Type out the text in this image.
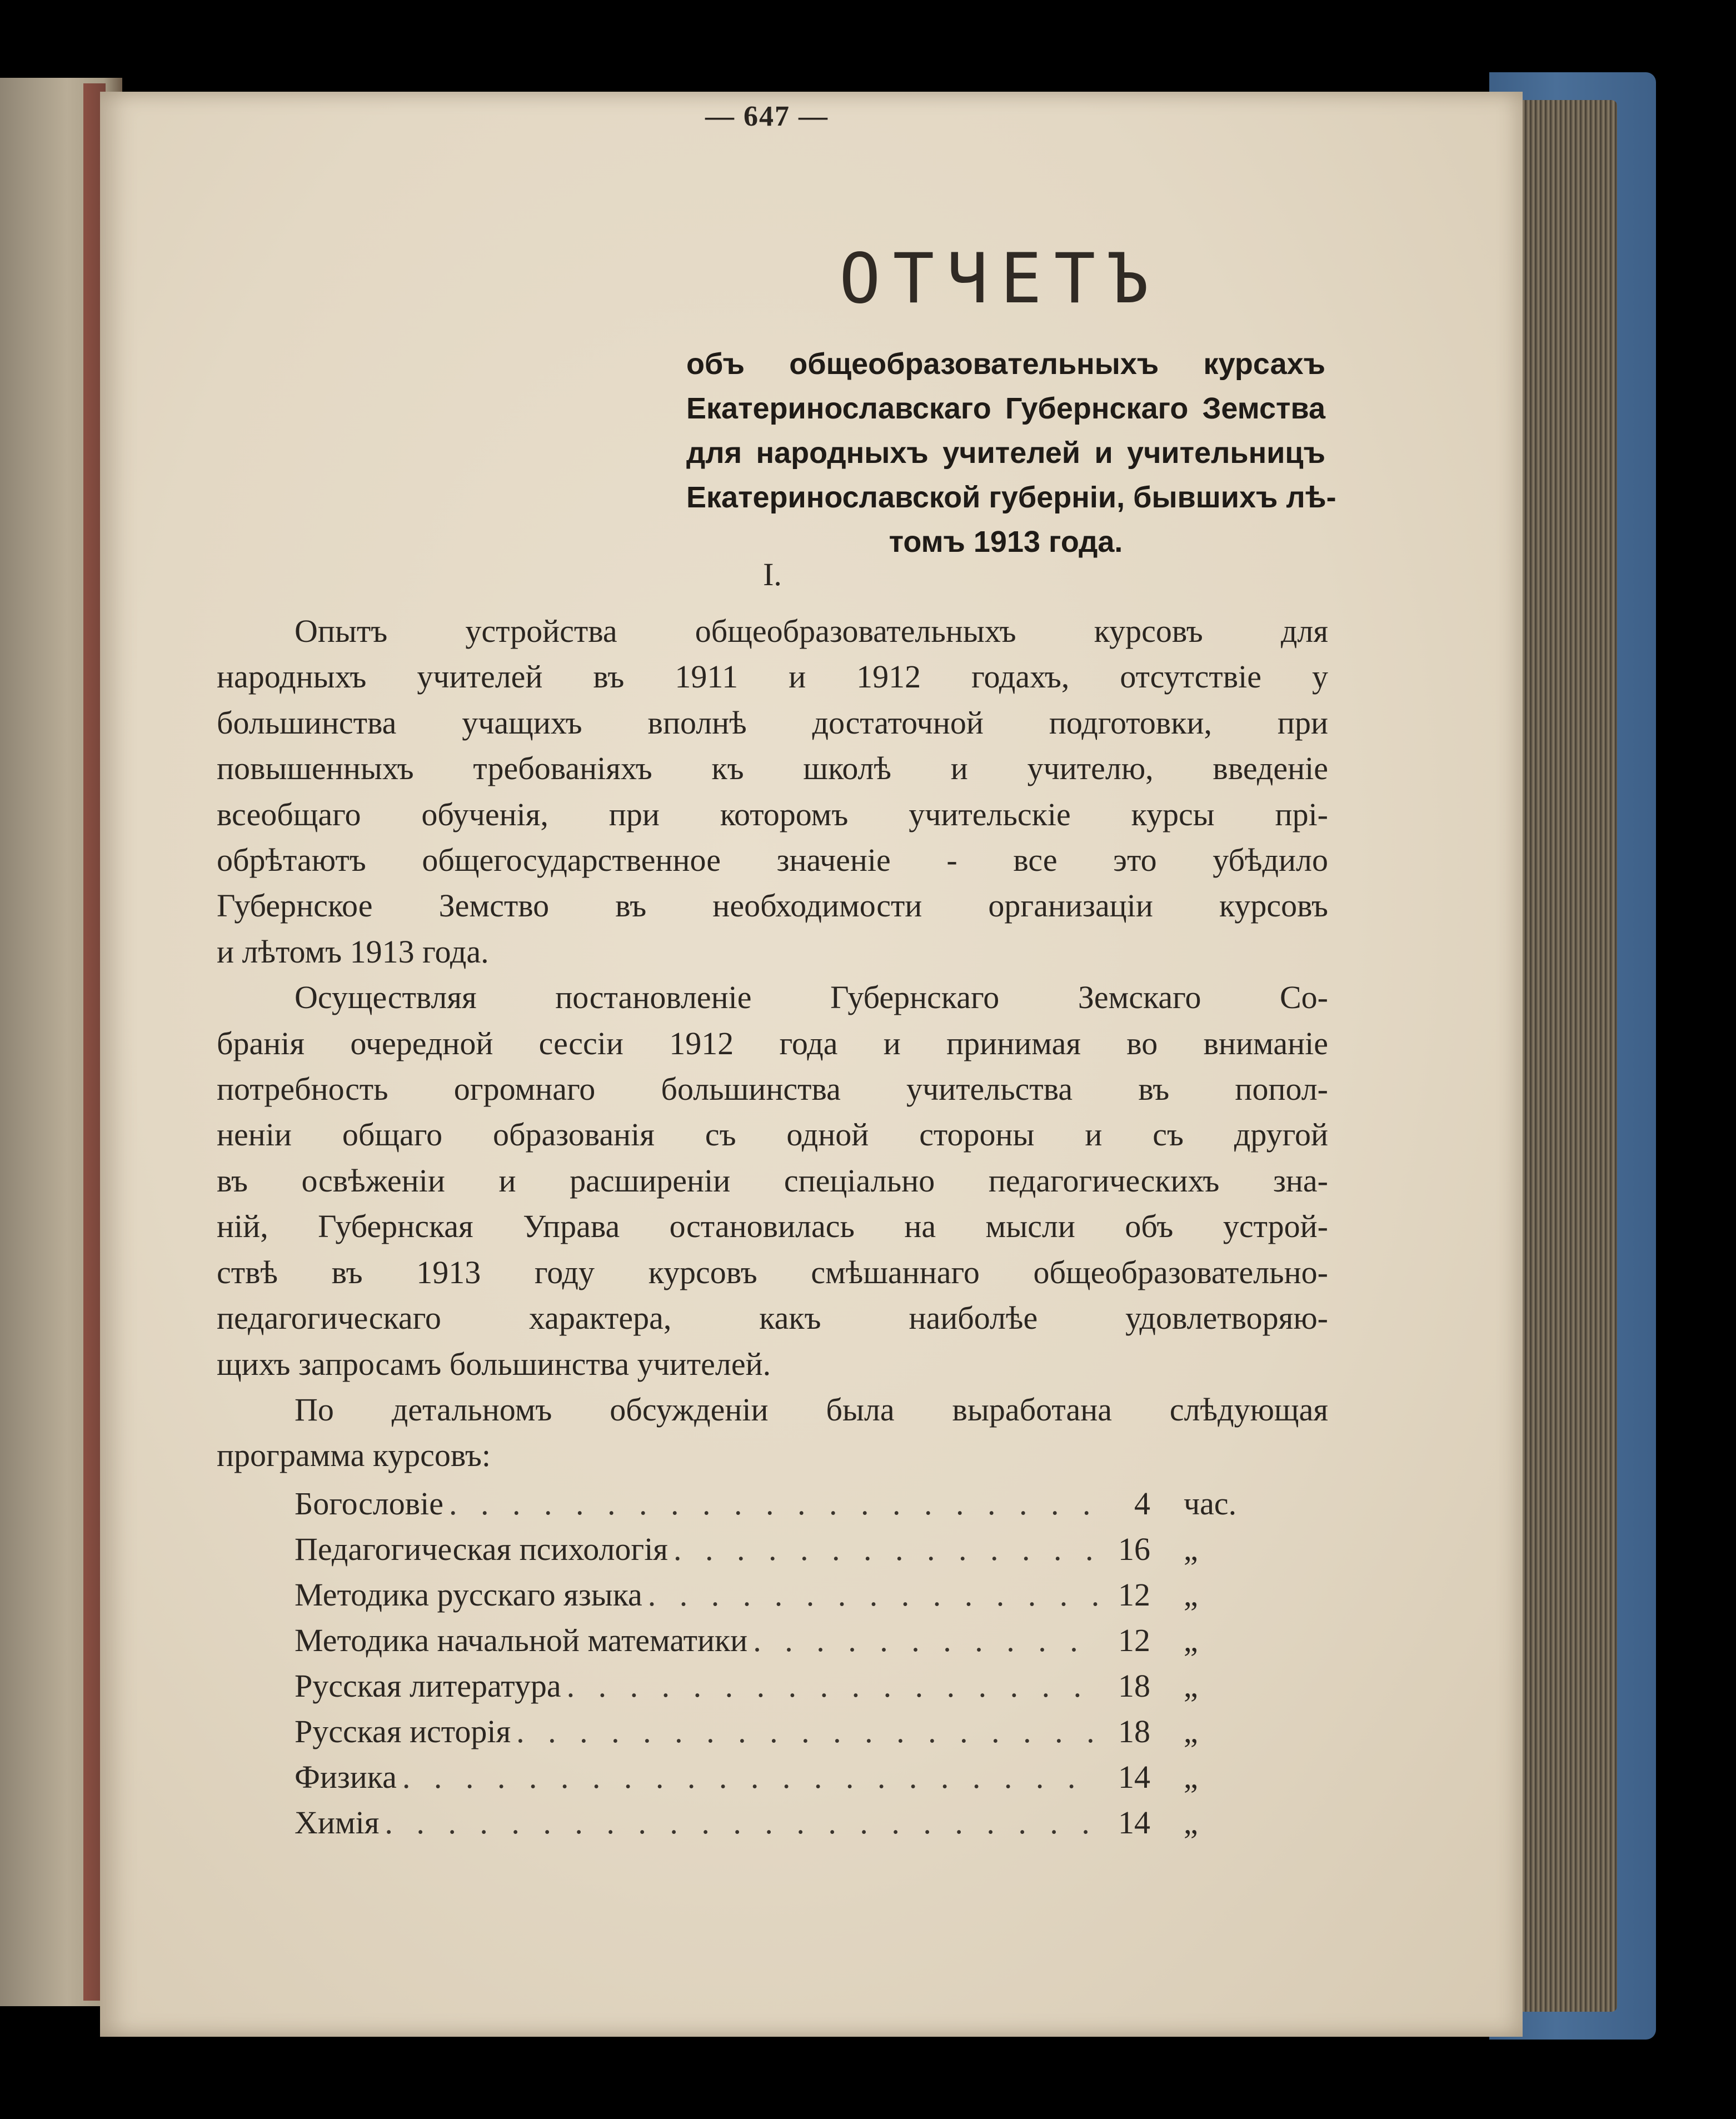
— 647 —
ОТЧЕТЪ
объ общеобразовательныхъ курсахъ
Екатеринославскаго Губернскаго Земства
для народныхъ учителей и учительницъ
Екатеринославской губерніи, бывшихъ лѣ-
томъ 1913 года.
I.
Опытъ устройства общеобразовательныхъ курсовъ для
народныхъ учителей въ 1911 и 1912 годахъ, отсутствіе у
большинства учащихъ вполнѣ достаточной подготовки, при
повышенныхъ требованіяхъ къ школѣ и учителю, введеніе
всеобщаго обученія, при которомъ учительскіе курсы прі-
обрѣтаютъ общегосударственное значеніе - все это убѣдило
Губернское Земство въ необходимости организаціи курсовъ
и лѣтомъ 1913 года.
Осуществляя постановленіе Губернскаго Земскаго Со-
бранія очередной сессіи 1912 года и принимая во вниманіе
потребность огромнаго большинства учительства въ попол-
неніи общаго образованія съ одной стороны и съ другой
въ освѣженіи и расширеніи спеціально педагогическихъ зна-
ній, Губернская Управа остановилась на мысли объ устрой-
ствѣ въ 1913 году курсовъ смѣшаннаго общеобразовательно-
педагогическаго характера, какъ наиболѣе удовлетворяю-
щихъ запросамъ большинства учителей.
По детальномъ обсужденіи была выработана слѣдующая
программа курсовъ:
Богословіе . . .	4	час.
Педагогическая психологія . . .	16	„
Методика русскаго языка . . .	12	„
Методика начальной математики . . .	12	„
Русская литература . . .	18	„
Русская исторія . . .	18	„
Физика . . .	14	„
Химія . . .	14	„
